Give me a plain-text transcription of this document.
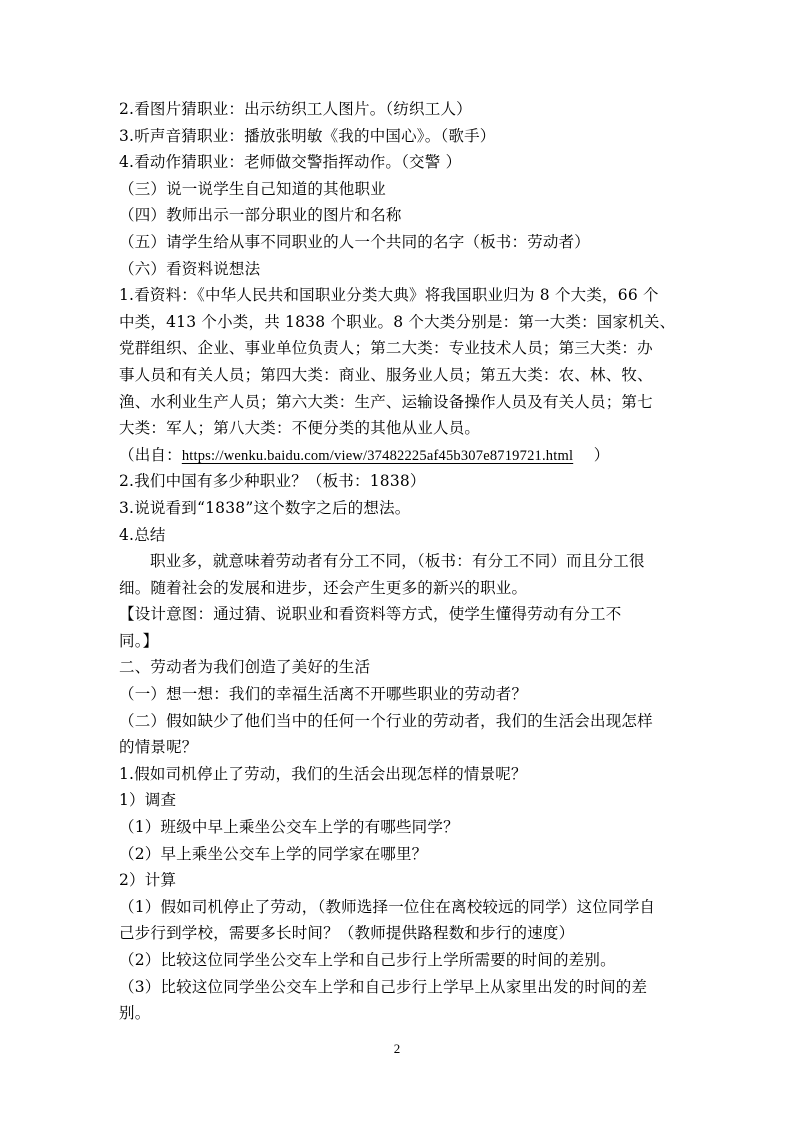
2.看图片猜职业：出示纺织工人图片。（纺织工人）
3.听声音猜职业：播放张明敏《我的中国心》。（歌手）
4.看动作猜职业：老师做交警指挥动作。（交警 ）
（三）说一说学生自己知道的其他职业
（四）教师出示一部分职业的图片和名称
（五）请学生给从事不同职业的人一个共同的名字（板书：劳动者）
（六）看资料说想法
1.看资料：《中华人民共和国职业分类大典》将我国职业归为 8 个大类，66 个
中类，413 个小类，共 1838 个职业。8 个大类分别是：第一大类：国家机关、
党群组织、企业、事业单位负责人；第二大类：专业技术人员；第三大类：办
事人员和有关人员；第四大类：商业、服务业人员；第五大类：农、林、牧、
渔、水利业生产人员；第六大类：生产、运输设备操作人员及有关人员；第七
大类：军人；第八大类：不便分类的其他从业人员。
（出自：https://wenku.baidu.com/view/37482225af45b307e8719721.html    ）
2.我们中国有多少种职业？（板书：1838）
3.说说看到“1838”这个数字之后的想法。
4.总结
职业多，就意味着劳动者有分工不同，（板书：有分工不同）而且分工很
细。随着社会的发展和进步，还会产生更多的新兴的职业。
【设计意图：通过猜、说职业和看资料等方式，使学生懂得劳动有分工不
同。】
二、劳动者为我们创造了美好的生活
（一）想一想：我们的幸福生活离不开哪些职业的劳动者？
（二）假如缺少了他们当中的任何一个行业的劳动者，我们的生活会出现怎样
的情景呢？
1.假如司机停止了劳动，我们的生活会出现怎样的情景呢？
1）调查
（1）班级中早上乘坐公交车上学的有哪些同学？
（2）早上乘坐公交车上学的同学家在哪里？
2）计算
（1）假如司机停止了劳动，（教师选择一位住在离校较远的同学）这位同学自
己步行到学校，需要多长时间？（教师提供路程数和步行的速度）
（2）比较这位同学坐公交车上学和自己步行上学所需要的时间的差别。
（3）比较这位同学坐公交车上学和自己步行上学早上从家里出发的时间的差
别。
2
